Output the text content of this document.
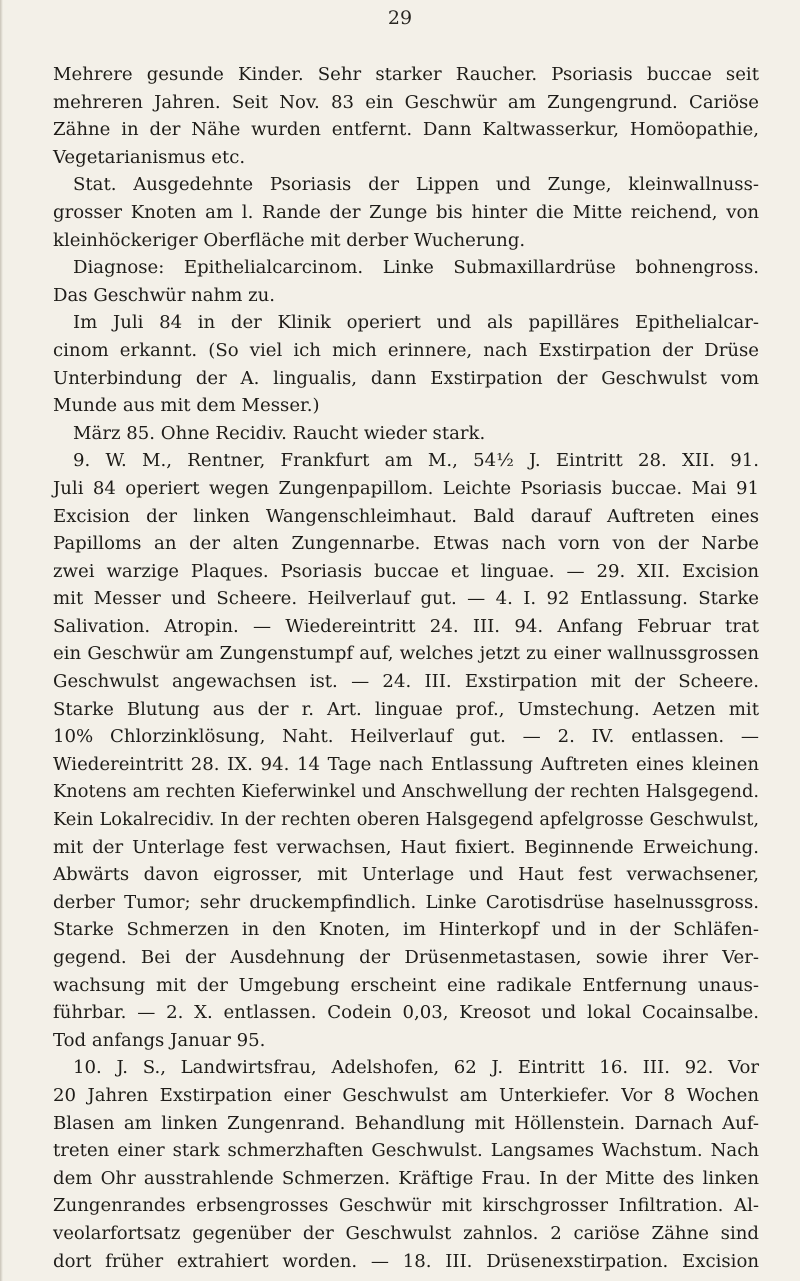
29
Mehrere gesunde Kinder. Sehr starker Raucher. Psoriasis buccae seit
mehreren Jahren. Seit Nov. 83 ein Geschwür am Zungengrund. Cariöse
Zähne in der Nähe wurden entfernt. Dann Kaltwasserkur, Homöopathie,
Vegetarianismus etc.
Stat. Ausgedehnte Psoriasis der Lippen und Zunge, kleinwallnuss-
grosser Knoten am l. Rande der Zunge bis hinter die Mitte reichend, von
kleinhöckeriger Oberfläche mit derber Wucherung.
Diagnose: Epithelialcarcinom. Linke Submaxillardrüse bohnengross.
Das Geschwür nahm zu.
Im Juli 84 in der Klinik operiert und als papilläres Epithelialcar-
cinom erkannt. (So viel ich mich erinnere, nach Exstirpation der Drüse
Unterbindung der A. lingualis, dann Exstirpation der Geschwulst vom
Munde aus mit dem Messer.)
März 85. Ohne Recidiv. Raucht wieder stark.
9. W. M., Rentner, Frankfurt am M., 54½ J. Eintritt 28. XII. 91.
Juli 84 operiert wegen Zungenpapillom. Leichte Psoriasis buccae. Mai 91
Excision der linken Wangenschleimhaut. Bald darauf Auftreten eines
Papilloms an der alten Zungennarbe. Etwas nach vorn von der Narbe
zwei warzige Plaques. Psoriasis buccae et linguae. — 29. XII. Excision
mit Messer und Scheere. Heilverlauf gut. — 4. I. 92 Entlassung. Starke
Salivation. Atropin. — Wiedereintritt 24. III. 94. Anfang Februar trat
ein Geschwür am Zungenstumpf auf, welches jetzt zu einer wallnussgrossen
Geschwulst angewachsen ist. — 24. III. Exstirpation mit der Scheere.
Starke Blutung aus der r. Art. linguae prof., Umstechung. Aetzen mit
10% Chlorzinklösung, Naht. Heilverlauf gut. — 2. IV. entlassen. —
Wiedereintritt 28. IX. 94. 14 Tage nach Entlassung Auftreten eines kleinen
Knotens am rechten Kieferwinkel und Anschwellung der rechten Halsgegend.
Kein Lokalrecidiv. In der rechten oberen Halsgegend apfelgrosse Geschwulst,
mit der Unterlage fest verwachsen, Haut fixiert. Beginnende Erweichung.
Abwärts davon eigrosser, mit Unterlage und Haut fest verwachsener,
derber Tumor; sehr druckempfindlich. Linke Carotisdrüse haselnussgross.
Starke Schmerzen in den Knoten, im Hinterkopf und in der Schläfen-
gegend. Bei der Ausdehnung der Drüsenmetastasen, sowie ihrer Ver-
wachsung mit der Umgebung erscheint eine radikale Entfernung unaus-
führbar. — 2. X. entlassen. Codein 0,03, Kreosot und lokal Cocainsalbe.
Tod anfangs Januar 95.
10. J. S., Landwirtsfrau, Adelshofen, 62 J. Eintritt 16. III. 92. Vor
20 Jahren Exstirpation einer Geschwulst am Unterkiefer. Vor 8 Wochen
Blasen am linken Zungenrand. Behandlung mit Höllenstein. Darnach Auf-
treten einer stark schmerzhaften Geschwulst. Langsames Wachstum. Nach
dem Ohr ausstrahlende Schmerzen. Kräftige Frau. In der Mitte des linken
Zungenrandes erbsengrosses Geschwür mit kirschgrosser Infiltration. Al-
veolarfortsatz gegenüber der Geschwulst zahnlos. 2 cariöse Zähne sind
dort früher extrahiert worden. — 18. III. Drüsenexstirpation. Excision
